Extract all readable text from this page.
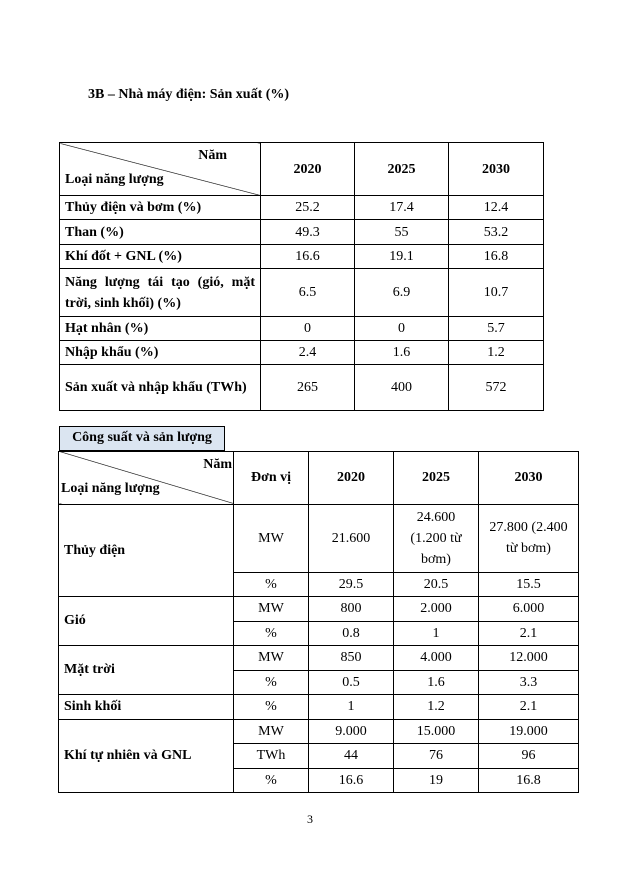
3B – Nhà máy điện: Sản xuất (%)
Năm
Loại năng lượng	2020	2025	2030
Thủy điện và bơm (%)	25.2	17.4	12.4
Than (%)	49.3	55	53.2
Khí đốt + GNL (%)	16.6	19.1	16.8
Năng lượng tái tạo (gió, mặt trời, sinh khối) (%)	6.5	6.9	10.7
Hạt nhân (%)	0	0	5.7
Nhập khẩu (%)	2.4	1.6	1.2
Sản xuất và nhập khẩu (TWh)	265	400	572

Năm
Loại năng lượng	Đơn vị	2020	2025	2030
Thủy điện	MW	21.600	24.600 (1.200 từ bơm)	27.800 (2.400 từ bơm)
	%	29.5	20.5	15.5
Gió	MW	800	2.000	6.000
	%	0.8	1	2.1
Mặt trời	MW	850	4.000	12.000
	%	0.5	1.6	3.3
Sinh khối	%	1	1.2	2.1
Khí tự nhiên và GNL	MW	9.000	15.000	19.000
	TWh	44	76	96
	%	16.6	19	16.8
Công suất và sản lượng
3
